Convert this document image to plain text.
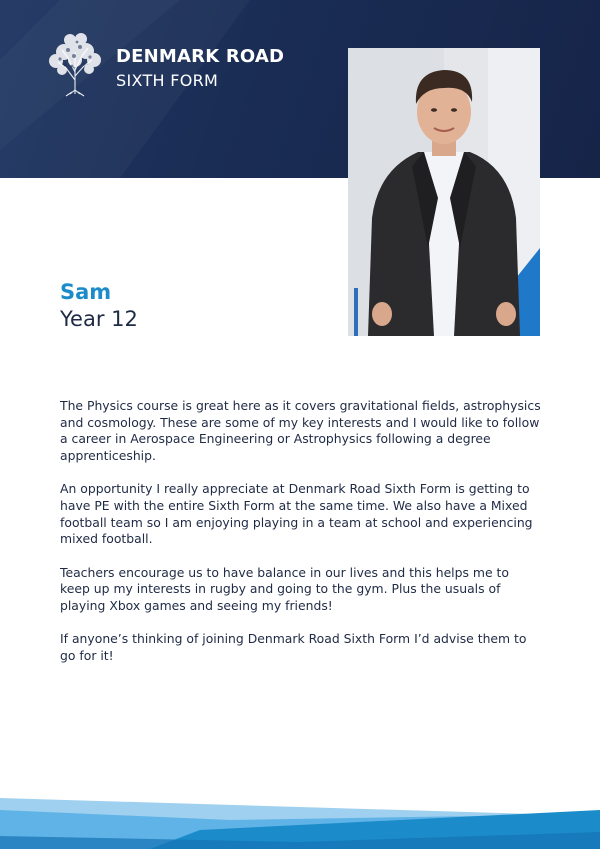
DENMARK ROAD
SIXTH FORM
Sam
Year 12

The Physics course is great here as it covers gravitational fields, astrophysics and cosmology. These are some of my key interests and I would like to follow a career in Aerospace Engineering or Astrophysics following a degree apprenticeship.

An opportunity I really appreciate at Denmark Road Sixth Form is getting to have PE with the entire Sixth Form at the same time. We also have a Mixed football team so I am enjoying playing in a team at school and experiencing mixed football.

Teachers encourage us to have balance in our lives and this helps me to keep up my interests in rugby and going to the gym. Plus the usuals of playing Xbox games and seeing my friends!

If anyone’s thinking of joining Denmark Road Sixth Form I’d advise them to go for it!
